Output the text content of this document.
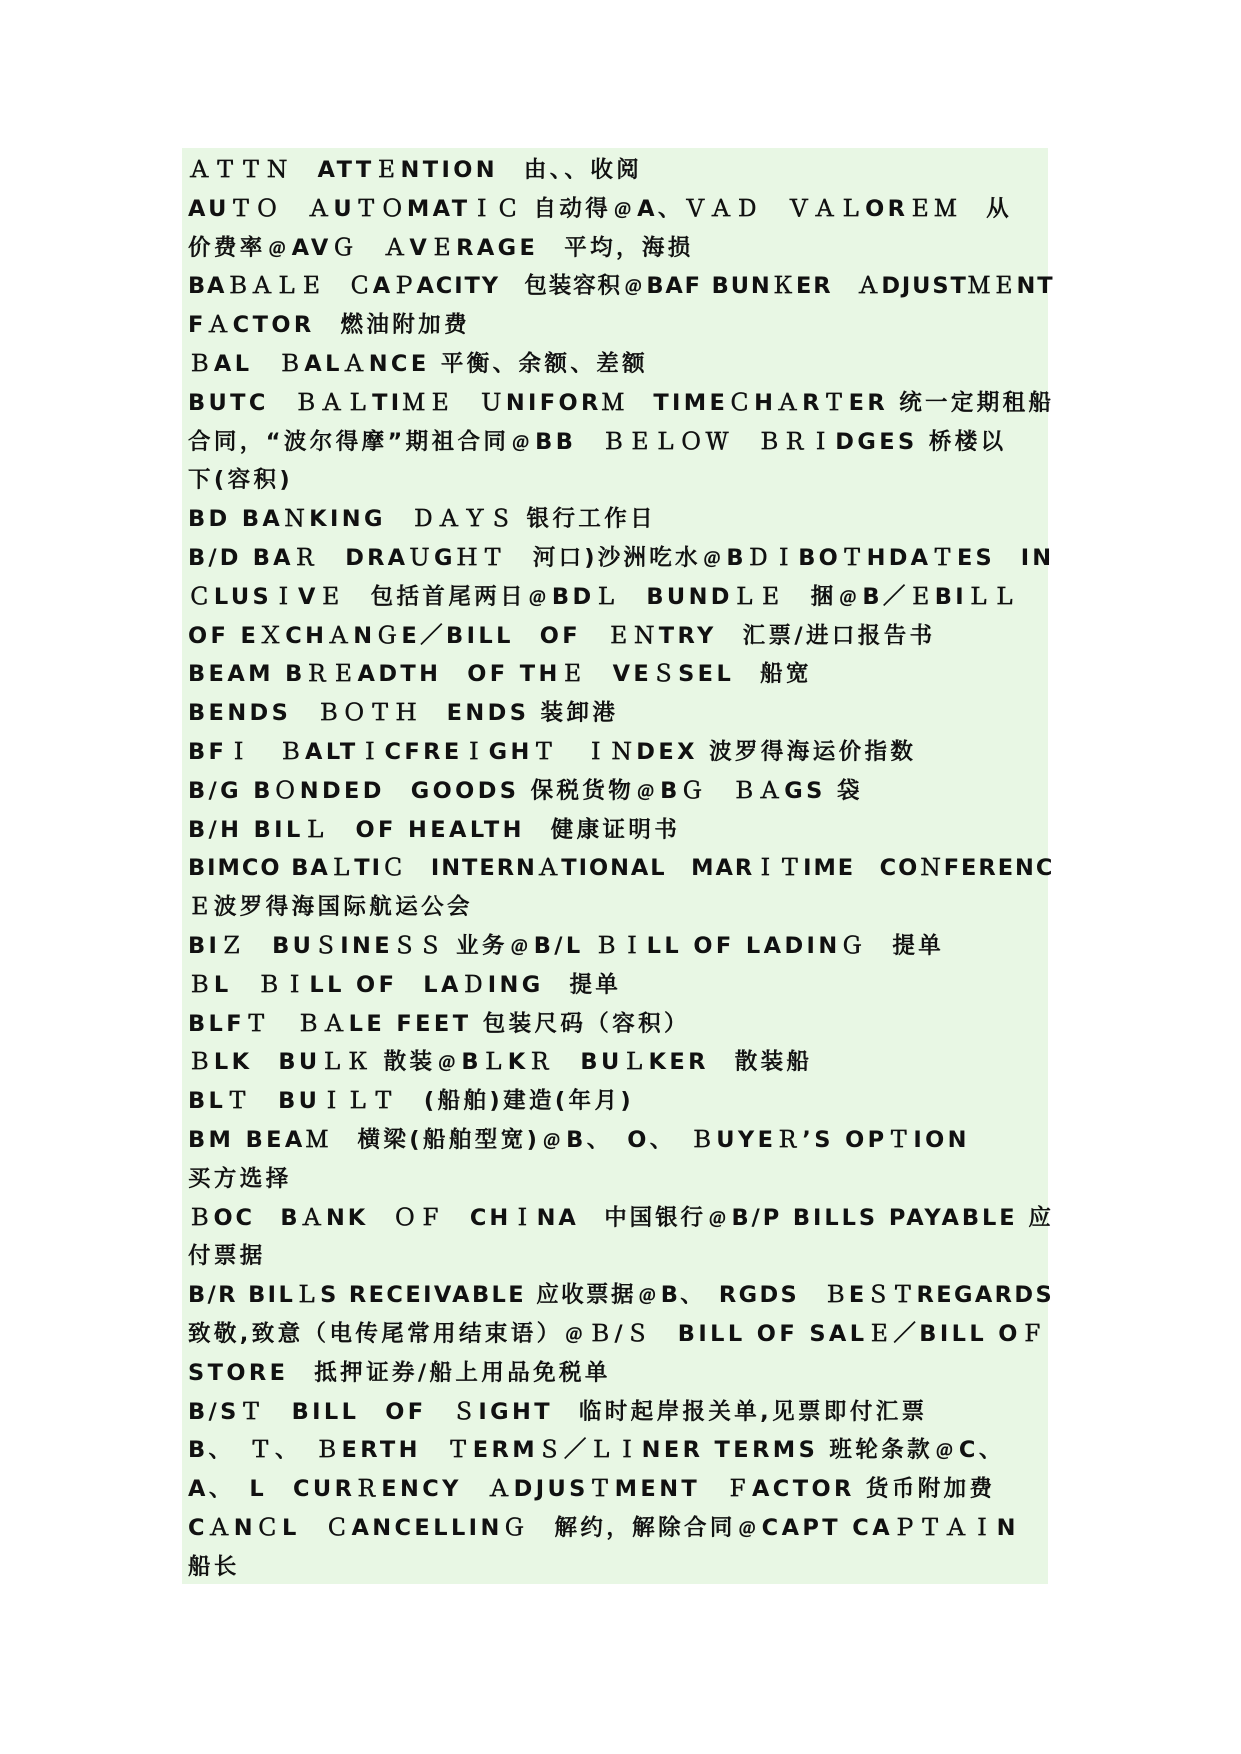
ＡＴＴＮ　ATTＥNTION　由、、收阅
AUＴＯ　ＡUＴＯMATＩＣ 自动得﹫A、ＶＡＤ　ＶＡＬORＥＭ　从
价费率﹫AVＧ　ＡVＥRAGE　平均，海损
BAＢＡＬＥ　ＣAＰACITY　包装容积﹫BAF BUNＫER　ＡDJUSTＭＥNT
FＡCTOR　燃油附加费
ＢAL　ＢALＡNCE 平衡、余额、差额
BUTC　ＢＡＬTIＭＥ　ＵNIFORＭ　TIMEＣHＡRＴER 统一定期租船
合同，“波尔得摩”期祖合同﹫BB　ＢＥＬＯＷ　ＢＲＩDGES 桥楼以
下(容积)
BD BAＮKING　ＤＡＹＳ 银行工作日
B/D BAＲ　DRAＵGＨＴ　河口)沙洲吃水﹫BＤＩBOＴHDAＴES　IN
ＣLUSＩVＥ　包括首尾两日﹫BDＬ　BUNDＬＥ　捆﹫B／ＥBIＬＬ
OF EＸCHＡNＧE／BILL　OF　ＥＮTRY　汇票/进口报告书
BEAM BＲＥADTH　OF THＥ　VEＳSEL　船宽
BENDS　ＢＯＴＨ　ENDS 装卸港
BFＩ　ＢALTＩCFREＩGHＴ　ＩＮDEX 波罗得海运价指数
B/G BＯNDED　GOODS 保税货物﹫BＧ　ＢＡGS 袋
B/H BILＬ　OF HEALTH　健康证明书
BIMCO BAＬTIＣ　INTERNＡTIONAL　MARＩＴIME　COＮFERENC
Ｅ波罗得海国际航运公会
BIＺ　BUＳINEＳＳ 业务﹫B/L ＢＩLL OF LADINＧ　提单
ＢL　ＢＩLL OF　LAＤING　提单
BLFＴ　ＢＡLE FEET 包装尺码（容积）
ＢLK　BUＬＫ 散装﹫BＬKＲ　BUＬKER　散装船
BLＴ　BUＩＬＴ　(船舶)建造(年月)
BM BEAＭ　横梁(船舶型宽)﹫B、　O、　ＢUYEＲ’S OPＴION
买方选择
ＢOC　BＡNK　ＯＦ　CHＩNA　中国银行﹫B/P BILLS PAYABLE 应
付票据
B/R BILＬS RECEIVABLE 应收票据﹫B、　RGDS　ＢEＳＴREGARDS
致敬,致意（电传尾常用结束语）﹫Ｂ/Ｓ　BILL OF SALＥ／BILL OＦ
STORE　抵押证券/船上用品免税单
B/SＴ　BILL　OF　ＳIGHT　临时起岸报关单,见票即付汇票
B、　Ｔ、　ＢERTH　ＴERMＳ／ＬＩNER TERMS 班轮条款﹫C、
A、　L　CURＲENCY　ＡDJUSＴMENT　ＦACTOR 货币附加费
CＡNＣL　ＣANCELLINＧ　解约，解除合同﹫CAPT CAＰＴＡＩN
船长
